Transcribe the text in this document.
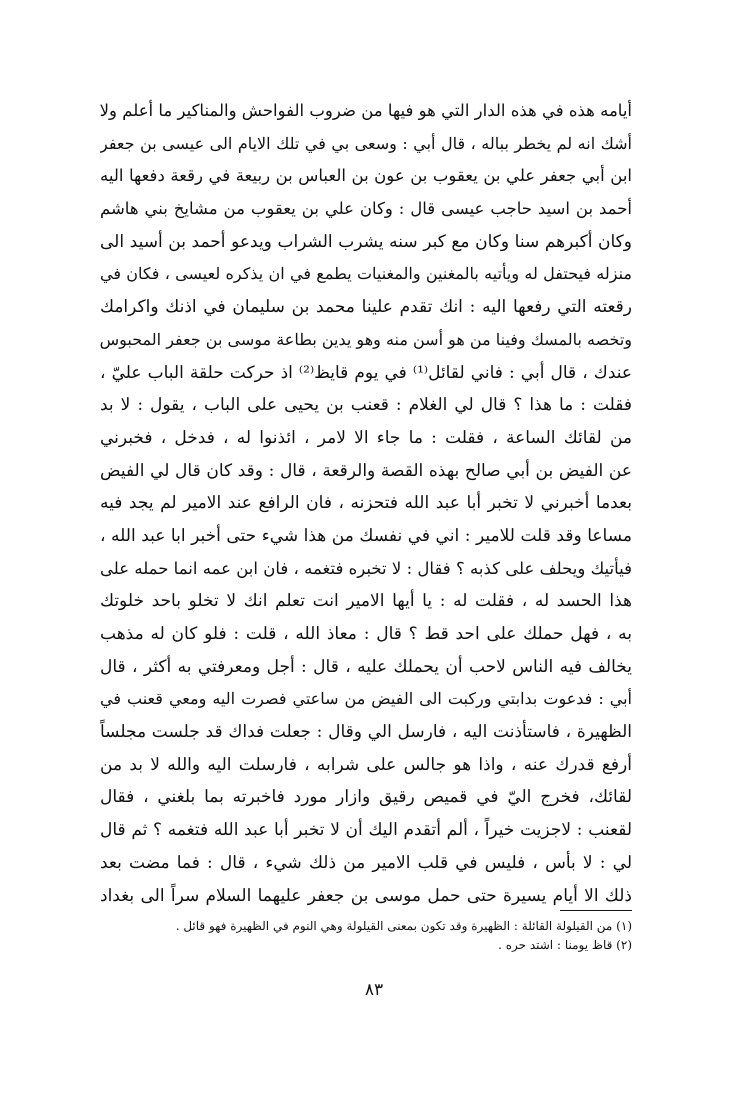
أيامه هذه في هذه الدار التي هو فيها من ضروب الفواحش والمناكير ما أعلم ولا
أشك انه لم يخطر بباله ، قال أبي : وسعى بي في تلك الايام الى عيسى بن جعفر
ابن أبي جعفر علي بن يعقوب بن عون بن العباس بن ربيعة في رقعة دفعها اليه
أحمد بن اسيد حاجب عيسى قال : وكان علي بن يعقوب من مشايخ بني هاشم
وكان أكبرهم سنا وكان مع كبر سنه يشرب الشراب ويدعو أحمد بن أسيد الى
منزله فيحتفل له ويأتيه بالمغنين والمغنيات يطمع في ان يذكره لعيسى ، فكان في
رقعته التي رفعها اليه : انك تقدم علينا محمد بن سليمان في اذنك واكرامك
وتخصه بالمسك وفينا من هو أسن منه وهو يدين بطاعة موسى بن جعفر المحبوس
عندك ، قال أبي : فاني لقائل⁽¹⁾ في يوم قايظ⁽²⁾ اذ حركت حلقة الباب عليّ ،
فقلت : ما هذا ؟ قال لي الغلام : قعنب بن يحيى على الباب ، يقول : لا بد
من لقائك الساعة ، فقلت : ما جاء الا لامر ، ائذنوا له ، فدخل ، فخبرني
عن الفيض بن أبي صالح بهذه القصة والرقعة ، قال : وقد كان قال لي الفيض
بعدما أخبرني لا تخبر أبا عبد الله فتحزنه ، فان الرافع عند الامير لم يجد فيه
مساعا وقد قلت للامير : اني في نفسك من هذا شيء حتى أخبر ابا عبد الله ،
فيأتيك ويحلف على كذبه ؟ فقال : لا تخبره فتغمه ، فان ابن عمه انما حمله على
هذا الحسد له ، فقلت له : يا أيها الامير انت تعلم انك لا تخلو باحد خلوتك
به ، فهل حملك على احد قط ؟ قال : معاذ الله ، قلت : فلو كان له مذهب
يخالف فيه الناس لاحب أن يحملك عليه ، قال : أجل ومعرفتي به أكثر ، قال
أبي : فدعوت بدابتي وركبت الى الفيض من ساعتي فصرت اليه ومعي قعنب في
الظهيرة ، فاستأذنت اليه ، فارسل الي وقال : جعلت فداك قد جلست مجلساً
أرفع قدرك عنه ، واذا هو جالس على شرابه ، فارسلت اليه والله لا بد من
لقائك، فخرج اليّ في قميص رقيق وازار مورد فاخبرته بما بلغني ، فقال
لقعنب : لاجزيت خيراً ، ألم أتقدم اليك أن لا تخبر أبا عبد الله فتغمه ؟ ثم قال
لي : لا بأس ، فليس في قلب الامير من ذلك شيء ، قال : فما مضت بعد
ذلك الا أيام يسيرة حتى حمل موسى بن جعفر عليهما السلام سراً الى بغداد
(١) من القيلولة القائلة : الظهيرة وقد تكون بمعنى القيلولة وهي النوم في الظهيرة فهو قائل .
(٢) قاظ يومنا : اشتد حره .
٨٣
